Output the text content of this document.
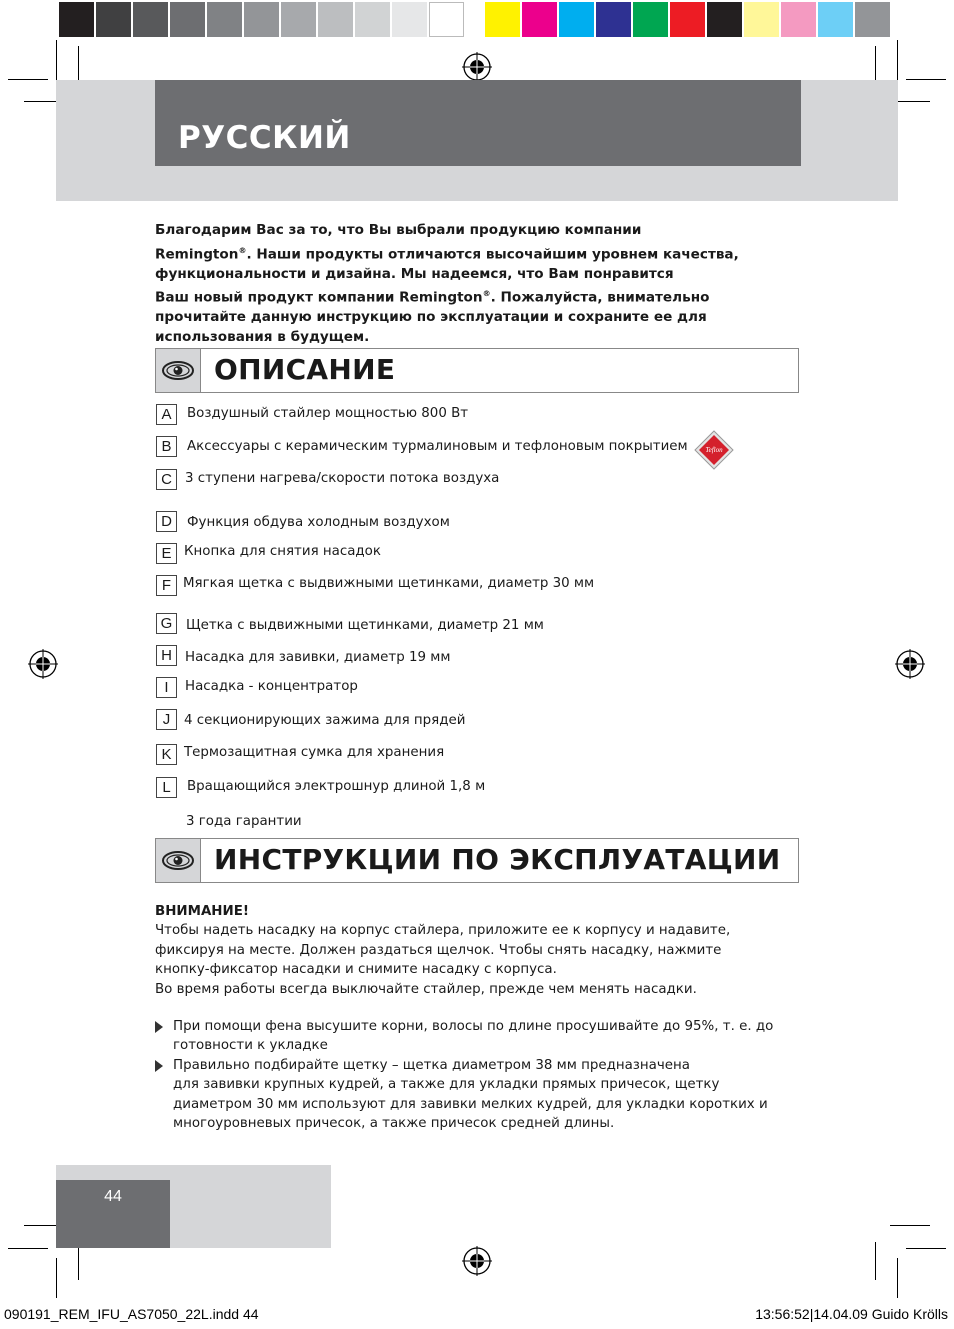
РУССКИЙ

Благодарим Вас за то, что Вы выбрали продукцию компании

Remington®. Наши продукты отличаются высочайшим уровнем качества,

функциональности и дизайна. Мы надеемся, что Вам понравится

Ваш новый продукт компании Remington®. Пожалуйста, внимательно

прочитайте данную инструкцию по эксплуатации и сохраните ее для

использования в будущем.

ОПИСАНИЕ
A	Воздушный стайлер мощностью 800 Вт
B	Аксессуары с керамическим турмалиновым и тефлоновым покрытием	Teflon
C 3 ступени нагрева/скорости потока воздуха
D	Функция обдува холодным воздухом
E Кнопка для снятия насадок
F Мягкая щетка с выдвижными щетинками, диаметр 30 мм
G	Щетка с выдвижными щетинками, диаметр 21 мм
H Насадка для завивки, диаметр 19 мм
I	Насадка - концентратор
J	4 секционирующих зажима для прядей
K Термозащитная сумка для хранения
L	Вращающийся электрошнур длиной 1,8 м
3 года гарантии
ИНСТРУКЦИИ ПО ЭКСПЛУАТАЦИИ

ВНИМАНИЕ!

Чтобы надеть насадку на корпус стайлера, приложите ее к корпусу и надавите,

фиксируя на месте. Должен раздаться щелчок. Чтобы снять насадку, нажмите

кнопку-фиксатор насадки и снимите насадку с корпуса.

Во время работы всегда выключайте стайлер, прежде чем менять насадки.

При помощи фена высушите корни, волосы по длине просушивайте до 95%, т. е. до
готовности к укладке
Правильно подбирайте щетку – щетка диаметром 38 мм предназначена
для завивки крупных кудрей, а также для укладки прямых причесок, щетку
диаметром 30 мм используют для завивки мелких кудрей, для укладки коротких и
многоуровневых причесок, а также причесок средней длины.
44
090191_REM_IFU_AS7050_22L.indd 44	13:56:52|14.04.09 Guido Krölls
